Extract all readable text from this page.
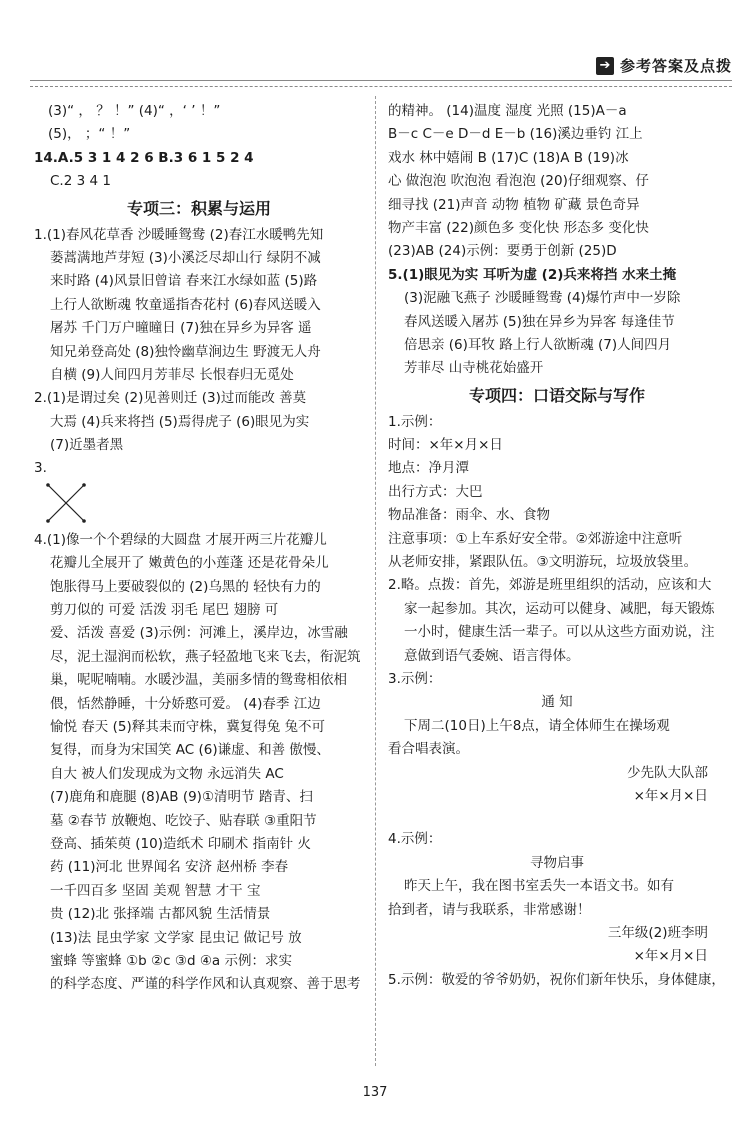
➔ 参考答案及点拨
(3)“ ， ？ ！” (4)“ ，‘ ’ ！”
(5)， ；“ ！”
14.A.5 3 1 4 2 6 B.3 6 1 5 2 4
C.2 3 4 1
专项三：积累与运用
1.(1)春风花草香 沙暖睡鸳鸯 (2)春江水暖鸭先知
蒌蒿满地芦芽短 (3)小溪泛尽却山行 绿阴不减
来时路 (4)风景旧曾谙 春来江水绿如蓝 (5)路
上行人欲断魂 牧童遥指杏花村 (6)春风送暖入
屠苏 千门万户曈曈日 (7)独在异乡为异客 遥
知兄弟登高处 (8)独怜幽草涧边生 野渡无人舟
自横 (9)人间四月芳菲尽 长恨春归无觅处
2.(1)是谓过矣 (2)见善则迁 (3)过而能改 善莫
大焉 (4)兵来将挡 (5)焉得虎子 (6)眼见为实
(7)近墨者黑
3.
4.(1)像一个个碧绿的大圆盘 才展开两三片花瓣儿
花瓣儿全展开了 嫩黄色的小莲蓬 还是花骨朵儿
饱胀得马上要破裂似的 (2)乌黑的 轻快有力的
剪刀似的 可爱 活泼 羽毛 尾巴 翅膀 可
爱、活泼 喜爱 (3)示例：河滩上，溪岸边，冰雪融
尽，泥土湿润而松软，燕子轻盈地飞来飞去，衔泥筑
巢，呢呢喃喃。水暖沙温，美丽多情的鸳鸯相依相
偎，恬然静睡，十分娇憨可爱。 (4)春季 江边
愉悦 春天 (5)释其耒而守株，冀复得兔 兔不可
复得，而身为宋国笑 AC (6)谦虚、和善 傲慢、
自大 被人们发现成为文物 永远消失 AC
(7)鹿角和鹿腿 (8)AB (9)①清明节 踏青、扫
墓 ②春节 放鞭炮、吃饺子、贴春联 ③重阳节
登高、插茱萸 (10)造纸术 印刷术 指南针 火
药 (11)河北 世界闻名 安济 赵州桥 李春
一千四百多 坚固 美观 智慧 才干 宝
贵 (12)北 张择端 古都风貌 生活情景
(13)法 昆虫学家 文学家 昆虫记 做记号 放
蜜蜂 等蜜蜂 ①b ②c ③d ④a 示例：求实
的科学态度、严谨的科学作风和认真观察、善于思考
的精神。 (14)温度 湿度 光照 (15)A－a
B－c C－e D－d E－b (16)溪边垂钓 江上
戏水 林中嬉闹 B (17)C (18)A B (19)冰
心 做泡泡 吹泡泡 看泡泡 (20)仔细观察、仔
细寻找 (21)声音 动物 植物 矿藏 景色奇异
物产丰富 (22)颜色多 变化快 形态多 变化快
(23)AB (24)示例：要勇于创新 (25)D
5.(1)眼见为实 耳听为虚 (2)兵来将挡 水来土掩
(3)泥融飞燕子 沙暖睡鸳鸯 (4)爆竹声中一岁除
春风送暖入屠苏 (5)独在异乡为异客 每逢佳节
倍思亲 (6)耳牧 路上行人欲断魂 (7)人间四月
芳菲尽 山寺桃花始盛开
专项四：口语交际与写作
1.示例：
时间：×年×月×日
地点：净月潭
出行方式：大巴
物品准备：雨伞、水、食物
注意事项：①上车系好安全带。②郊游途中注意听
从老师安排，紧跟队伍。③文明游玩，垃圾放袋里。
2.略。点拨：首先，郊游是班里组织的活动，应该和大
家一起参加。其次，运动可以健身、减肥，每天锻炼
一小时，健康生活一辈子。可以从这些方面劝说，注
意做到语气委婉、语言得体。
3.示例：
通 知
下周二(10日)上午8点，请全体师生在操场观
看合唱表演。
少先队大队部
×年×月×日
4.示例：
寻物启事
昨天上午，我在图书室丢失一本语文书。如有
拾到者，请与我联系，非常感谢！
三年级(2)班李明
×年×月×日
5.示例：敬爱的爷爷奶奶，祝你们新年快乐，身体健康，
137
